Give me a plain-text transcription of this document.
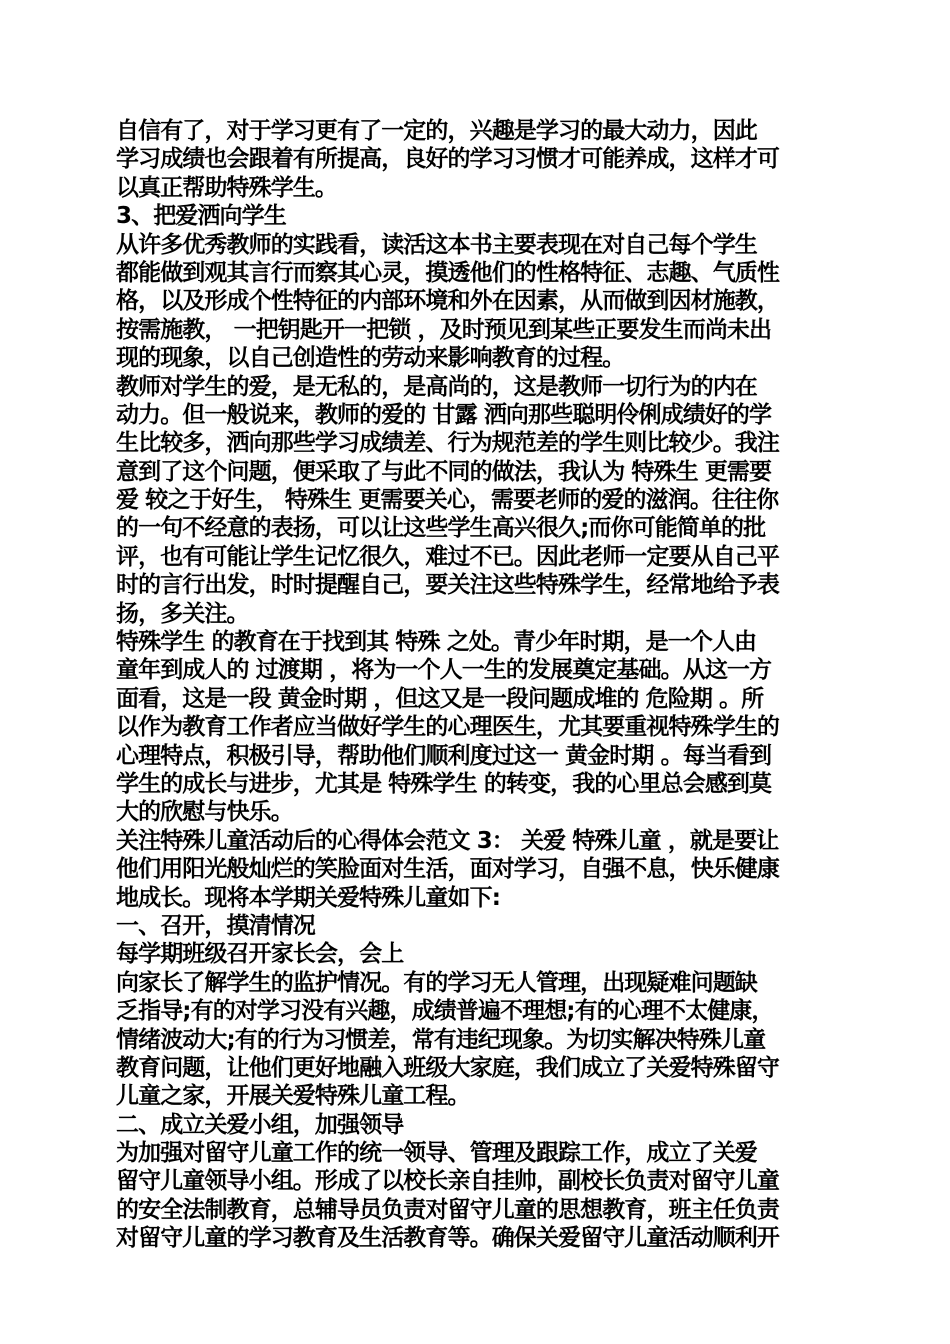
自信有了，对于学习更有了一定的，兴趣是学习的最大动力，因此
学习成绩也会跟着有所提高，良好的学习习惯才可能养成，这样才可
以真正帮助特殊学生。
3、把爱洒向学生
从许多优秀教师的实践看，读活这本书主要表现在对自己每个学生
都能做到观其言行而察其心灵，摸透他们的性格特征、志趣、气质性
格，以及形成个性特征的内部环境和外在因素，从而做到因材施教，
按需施教， 一把钥匙开一把锁 ，及时预见到某些正要发生而尚未出
现的现象，以自己创造性的劳动来影响教育的过程。
教师对学生的爱，是无私的，是高尚的，这是教师一切行为的内在
动力。但一般说来，教师的爱的 甘露 洒向那些聪明伶俐成绩好的学
生比较多，洒向那些学习成绩差、行为规范差的学生则比较少。我注
意到了这个问题，便采取了与此不同的做法，我认为 特殊生 更需要
爱 较之于好生， 特殊生 更需要关心，需要老师的爱的滋润。往往你
的一句不经意的表扬，可以让这些学生高兴很久;而你可能简单的批
评，也有可能让学生记忆很久，难过不已。因此老师一定要从自己平
时的言行出发，时时提醒自己，要关注这些特殊学生，经常地给予表
扬，多关注。
特殊学生 的教育在于找到其 特殊 之处。青少年时期，是一个人由
童年到成人的 过渡期 ，将为一个人一生的发展奠定基础。从这一方
面看，这是一段 黄金时期 ，但这又是一段问题成堆的 危险期 。所
以作为教育工作者应当做好学生的心理医生，尤其要重视特殊学生的
心理特点，积极引导，帮助他们顺利度过这一 黄金时期 。每当看到
学生的成长与进步，尤其是 特殊学生 的转变，我的心里总会感到莫
大的欣慰与快乐。
关注特殊儿童活动后的心得体会范文 3： 关爱 特殊儿童 ，就是要让
他们用阳光般灿烂的笑脸面对生活，面对学习，自强不息，快乐健康
地成长。现将本学期关爱特殊儿童如下:
一、召开，摸清情况
每学期班级召开家长会，会上
向家长了解学生的监护情况。有的学习无人管理，出现疑难问题缺
乏指导;有的对学习没有兴趣，成绩普遍不理想;有的心理不太健康，
情绪波动大;有的行为习惯差，常有违纪现象。为切实解决特殊儿童
教育问题，让他们更好地融入班级大家庭，我们成立了关爱特殊留守
儿童之家，开展关爱特殊儿童工程。
二、成立关爱小组，加强领导
为加强对留守儿童工作的统一领导、管理及跟踪工作，成立了关爱
留守儿童领导小组。形成了以校长亲自挂帅，副校长负责对留守儿童
的安全法制教育，总辅导员负责对留守儿童的思想教育，班主任负责
对留守儿童的学习教育及生活教育等。确保关爱留守儿童活动顺利开
